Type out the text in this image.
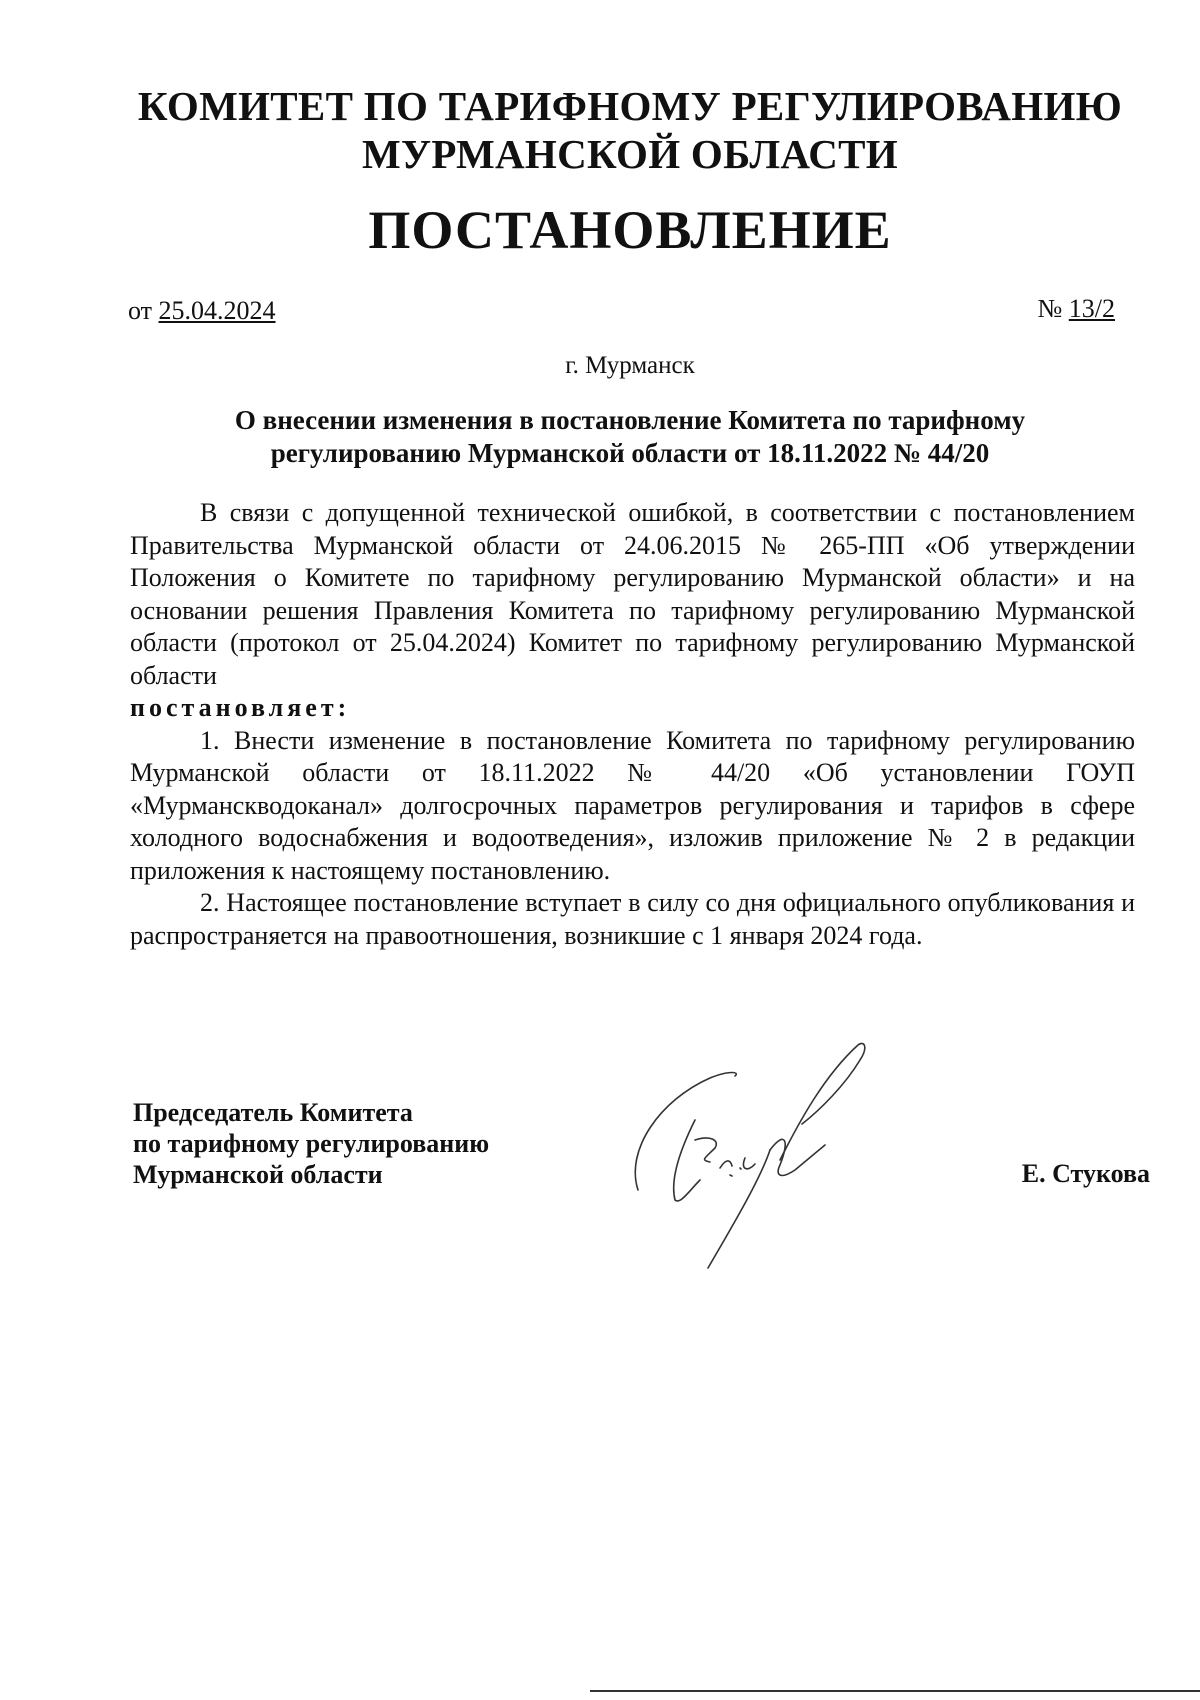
КОМИТЕТ ПО ТАРИФНОМУ РЕГУЛИРОВАНИЮ
МУРМАНСКОЙ ОБЛАСТИ
ПОСТАНОВЛЕНИЕ
от 25.04.2024	№ 13/2
г. Мурманск
О внесении изменения в постановление Комитета по тарифному
регулированию Мурманской области от 18.11.2022 № 44/20

В связи с допущенной технической ошибкой, в соответствии с постановлением Правительства Мурманской области от 24.06.2015 № 265-ПП «Об утверждении Положения о Комитете по тарифному регулированию Мурманской области» и на основании решения Правления Комитета по тарифному регулированию Мурманской области (протокол от 25.04.2024) Комитет по тарифному регулированию Мурманской области

постановляет:

1. Внести изменение в постановление Комитета по тарифному регулированию Мурманской области от 18.11.2022 № 44/20 «Об установлении ГОУП «Мурманскводоканал» долгосрочных параметров регулирования и тарифов в сфере холодного водоснабжения и водоотведения», изложив приложение № 2 в редакции приложения к настоящему постановлению.

2. Настоящее постановление вступает в силу со дня официального опубликования и распространяется на правоотношения, возникшие с 1 января 2024 года.

Председатель Комитета
по тарифному регулированию
Мурманской области	Е. Стукова
